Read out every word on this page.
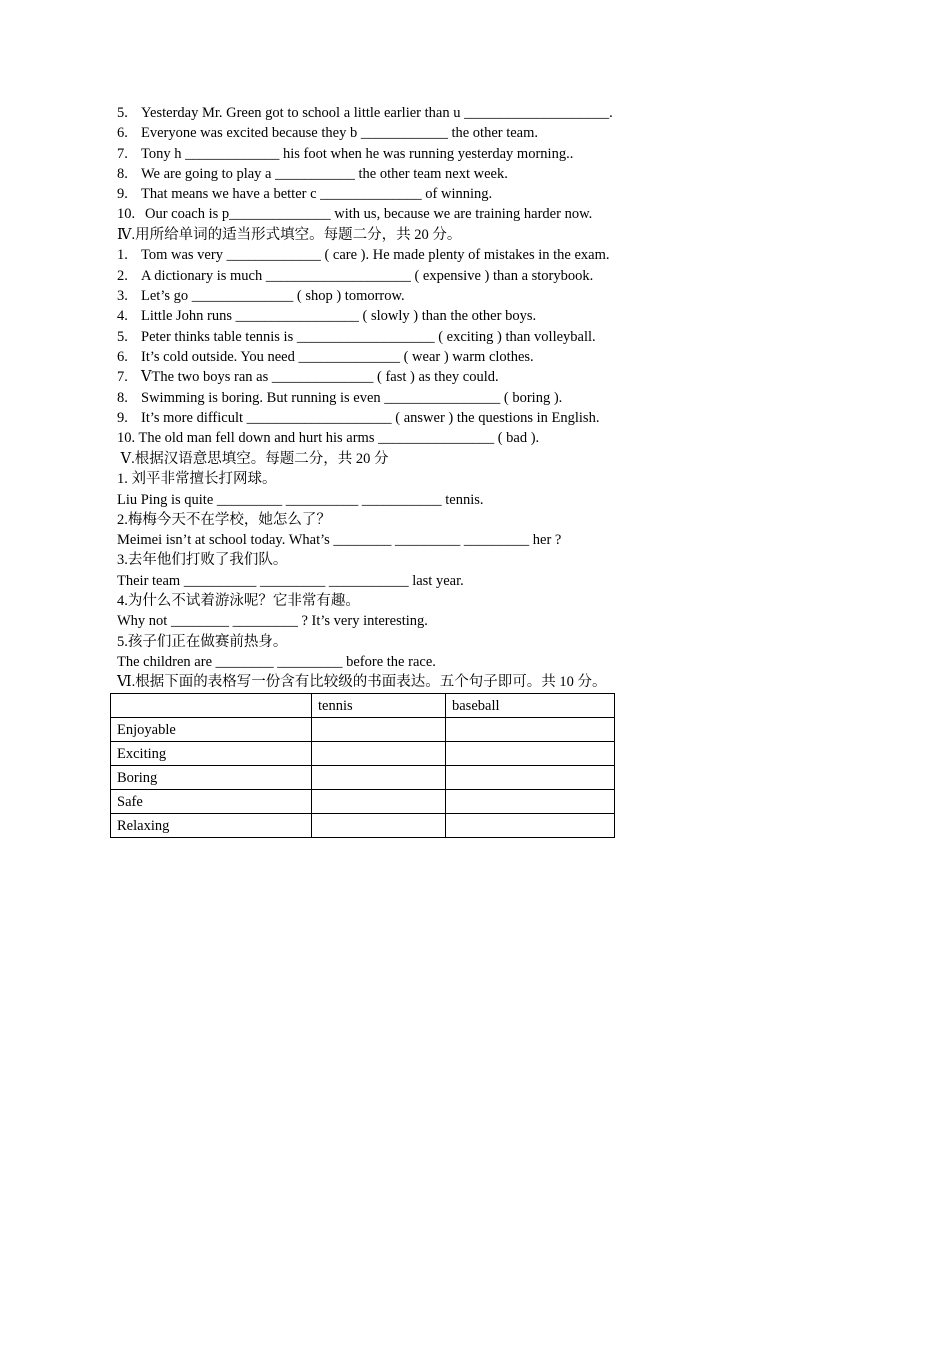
5. Yesterday Mr. Green got to school a little earlier than u ____________________.
6. Everyone was excited because they b ____________ the other team.
7. Tony h _____________ his foot when he was running yesterday morning..
8. We are going to play a ___________ the other team next week.
9. That means we have a better c ______________ of winning.
10. Our coach is p______________ with us, because we are training harder now.
Ⅳ.用所给单词的适当形式填空。每题二分，共 20 分。
1. Tom was very _____________ ( care ). He made plenty of mistakes in the exam.
2. A dictionary is much ____________________ ( expensive ) than a storybook.
3. Let’s go ______________ ( shop ) tomorrow.
4. Little John runs _________________ ( slowly ) than the other boys.
5. Peter thinks table tennis is ___________________ ( exciting ) than volleyball.
6. It’s cold outside. You need ______________ ( wear ) warm clothes.
7. ⅤThe two boys ran as ______________ ( fast ) as they could.
8. Swimming is boring. But running is even ________________ ( boring ).
9. It’s more difficult ____________________ ( answer ) the questions in English.
10. The old man fell down and hurt his arms ________________ ( bad ).
Ⅴ.根据汉语意思填空。每题二分，共 20 分
1. 刘平非常擅长打网球。
Liu Ping is quite _________ __________ ___________ tennis.
2.梅梅今天不在学校，她怎么了？
Meimei isn’t at school today. What’s ________ _________ _________ her ?
3.去年他们打败了我们队。
Their team __________ _________ ___________ last year.
4.为什么不试着游泳呢？它非常有趣。
Why not ________ _________ ? It’s very interesting.
5.孩子们正在做赛前热身。
The children are ________ _________ before the race.
Ⅵ.根据下面的表格写一份含有比较级的书面表达。五个句子即可。共 10 分。
	tennis	baseball
Enjoyable		
Exciting		
Boring		
Safe		
Relaxing		
